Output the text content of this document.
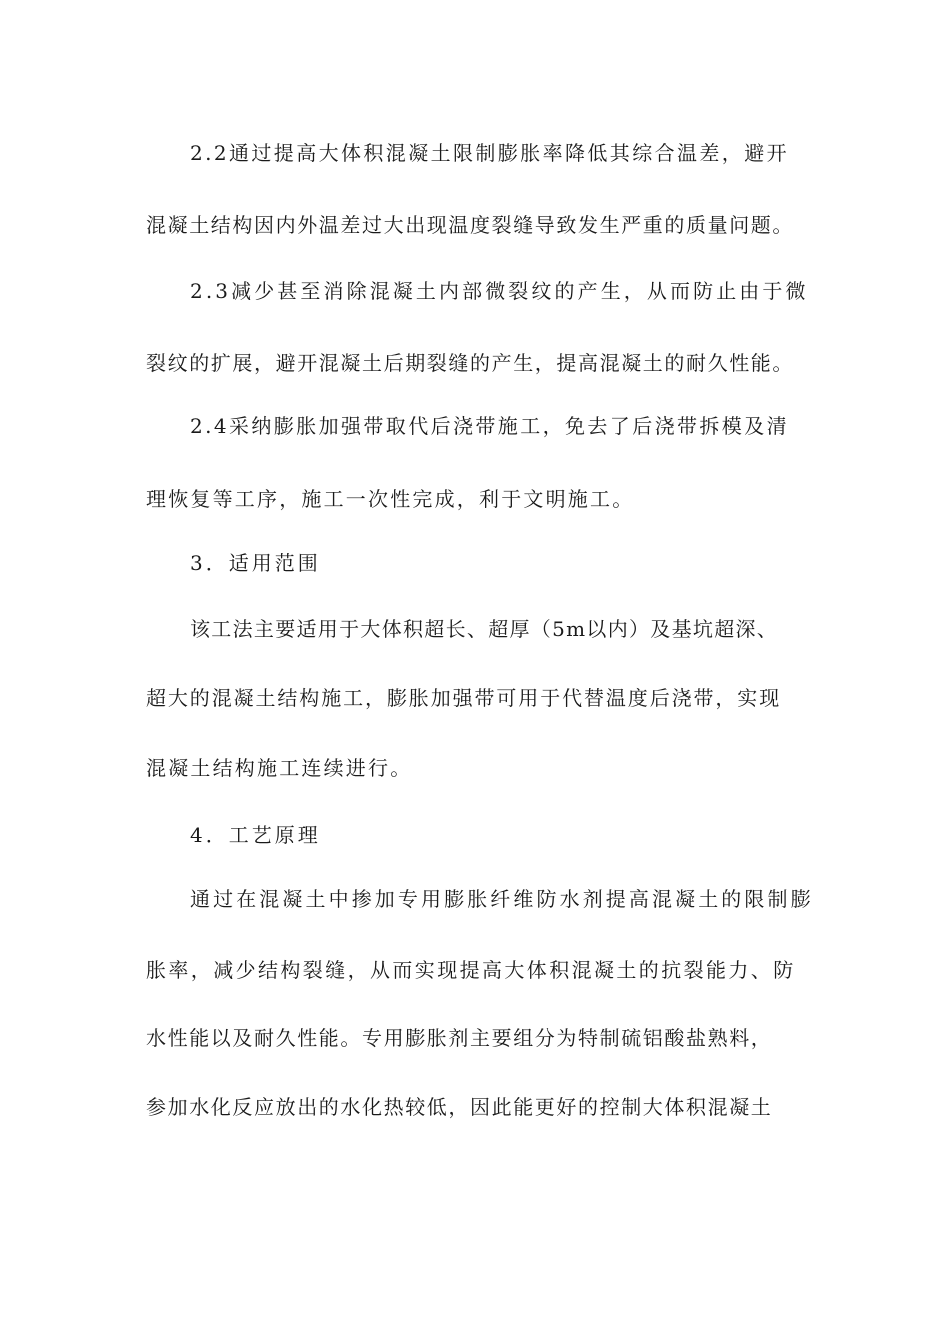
2.2通过提高大体积混凝土限制膨胀率降低其综合温差，避开
混凝土结构因内外温差过大出现温度裂缝导致发生严重的质量问题。
2.3减少甚至消除混凝土内部微裂纹的产生，从而防止由于微
裂纹的扩展，避开混凝土后期裂缝的产生，提高混凝土的耐久性能。
2.4采纳膨胀加强带取代后浇带施工，免去了后浇带拆模及清
理恢复等工序，施工一次性完成，利于文明施工。
3．适用范围
该工法主要适用于大体积超长、超厚（5m以内）及基坑超深、
超大的混凝土结构施工，膨胀加强带可用于代替温度后浇带，实现
混凝土结构施工连续进行。
4．工艺原理
通过在混凝土中掺加专用膨胀纤维防水剂提高混凝土的限制膨
胀率，减少结构裂缝，从而实现提高大体积混凝土的抗裂能力、防
水性能以及耐久性能。专用膨胀剂主要组分为特制硫铝酸盐熟料，
参加水化反应放出的水化热较低，因此能更好的控制大体积混凝土
